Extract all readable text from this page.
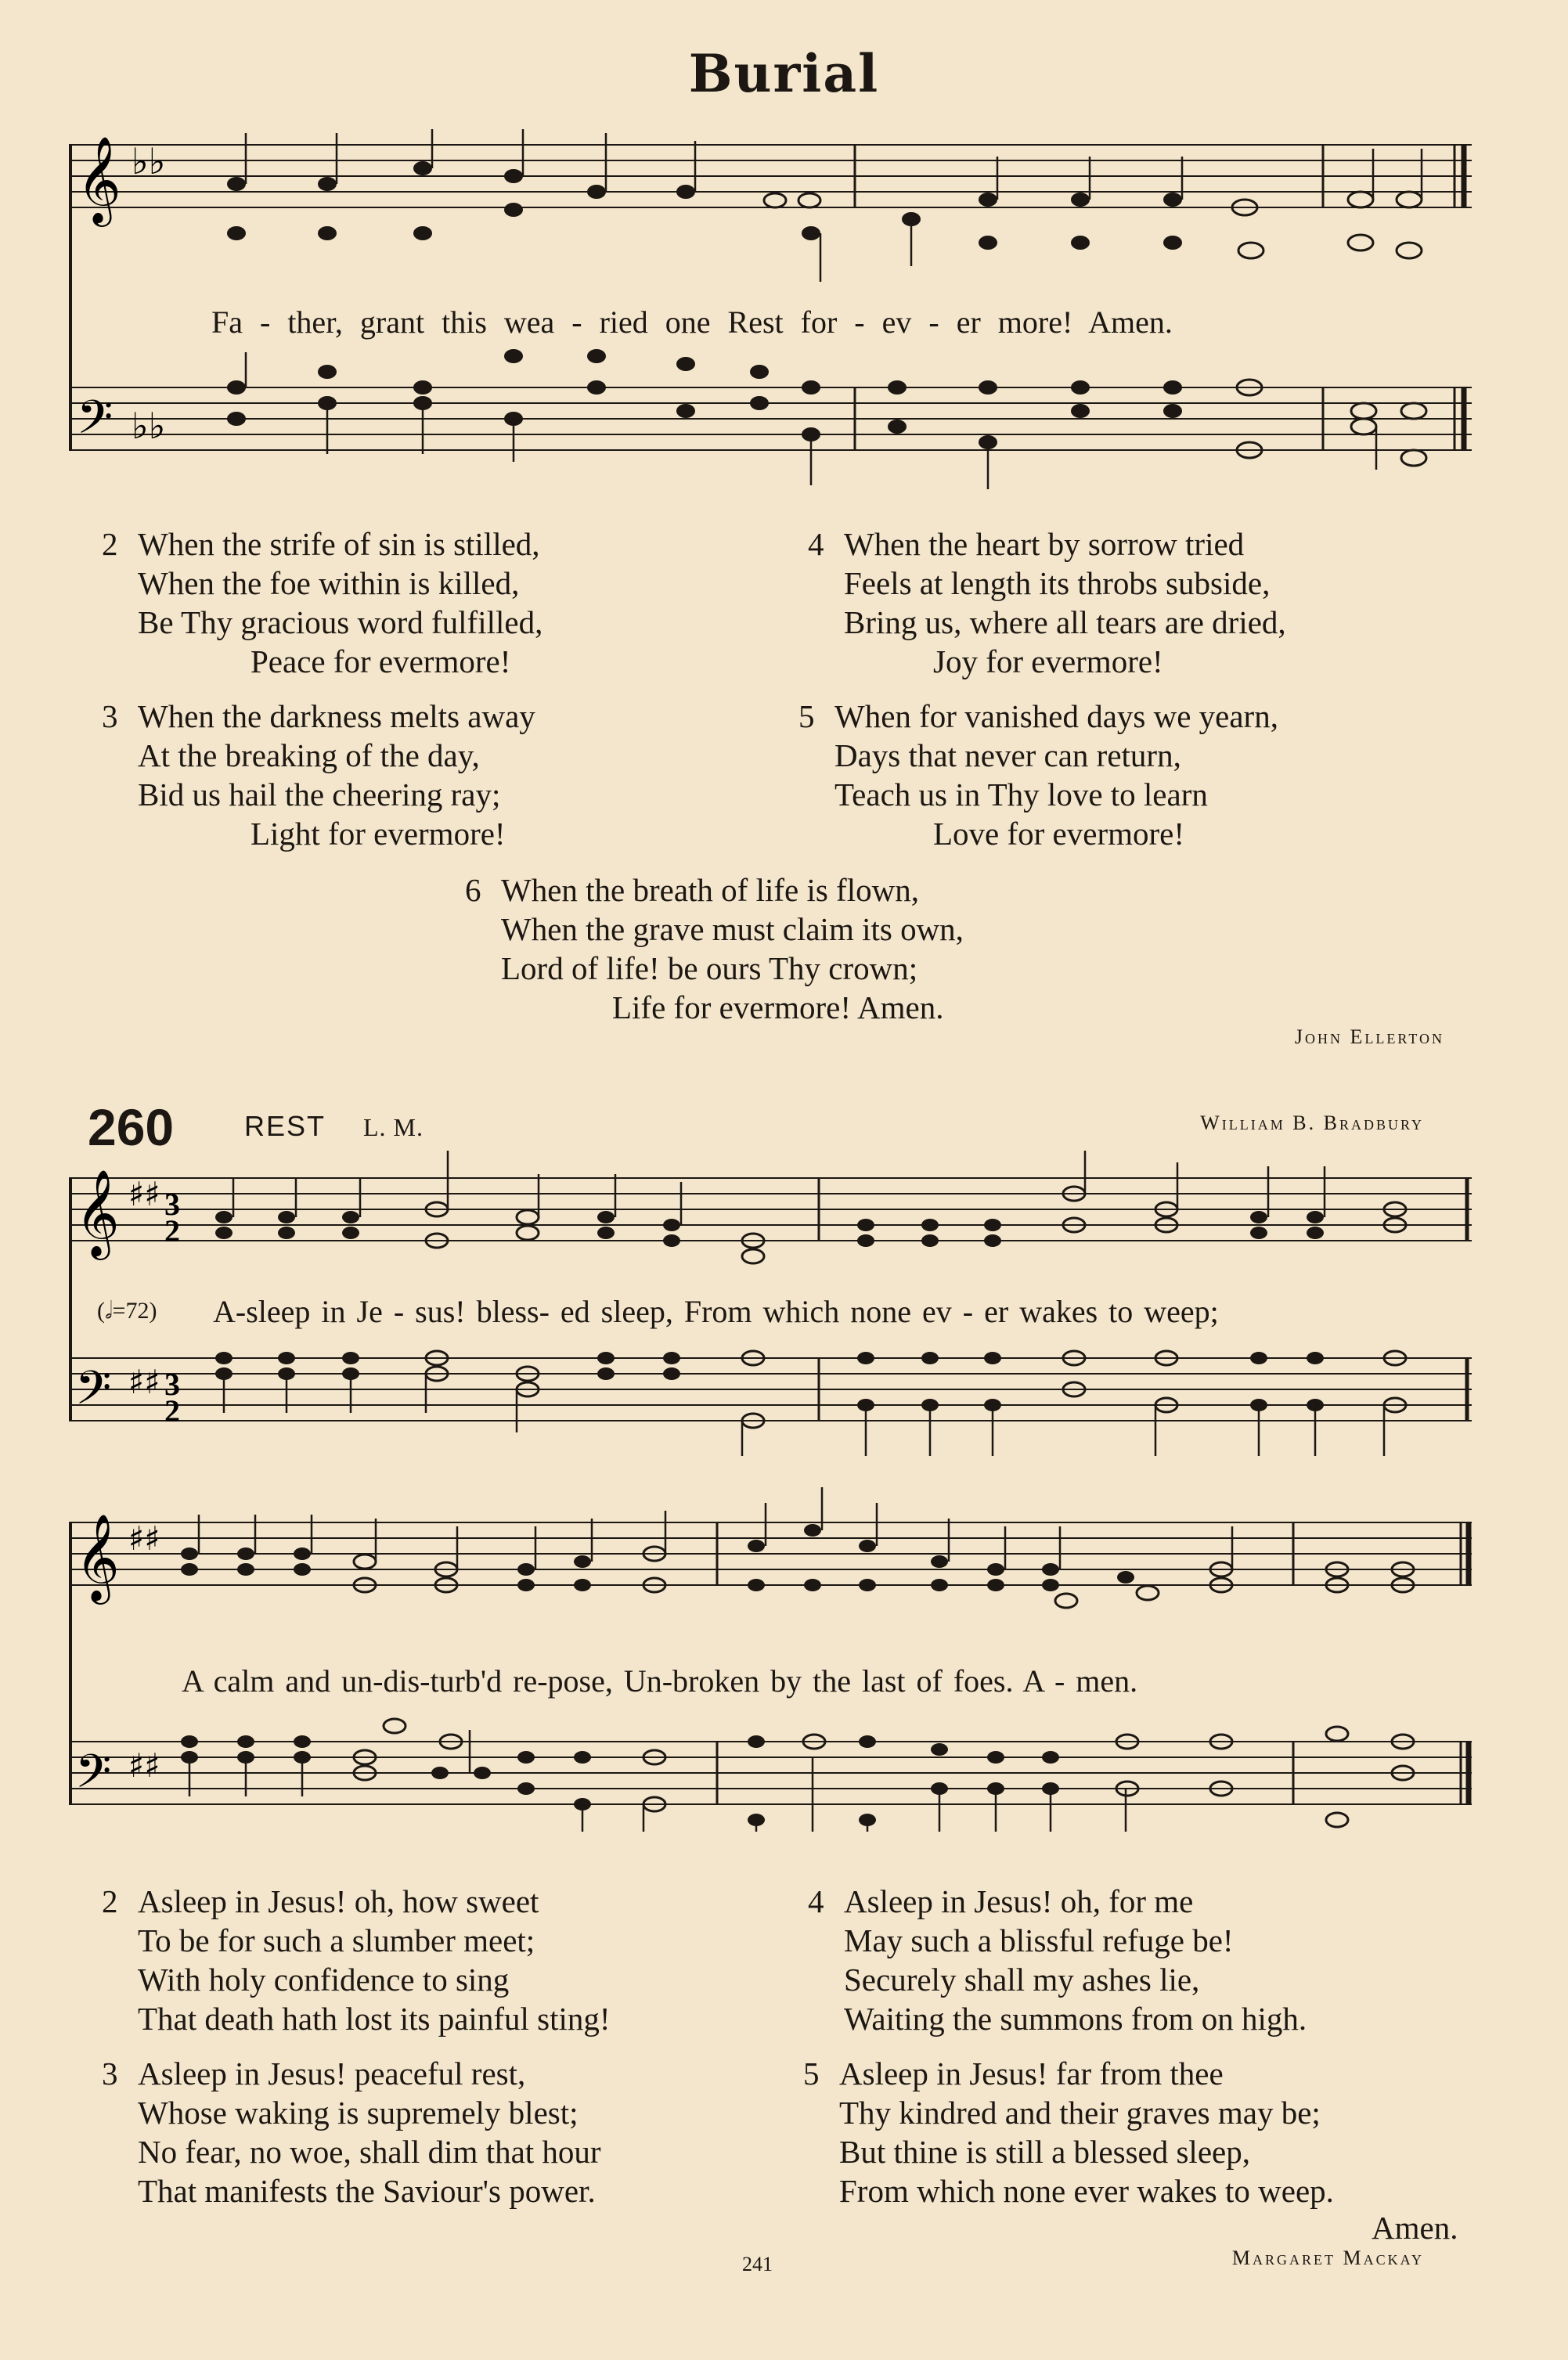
Burial
𝄞
𝄢
♭♭
♭♭
Fa - ther, grant this wea - ried one Rest for - ev - er more! Amen.
2 When the strife of sin is stilled,
When the foe within is killed,
Be Thy gracious word fulfilled,
Peace for evermore!
3 When the darkness melts away
At the breaking of the day,
Bid us hail the cheering ray;
Light for evermore!
4 When the heart by sorrow tried
Feels at length its throbs subside,
Bring us, where all tears are dried,
Joy for evermore!
5 When for vanished days we yearn,
Days that never can return,
Teach us in Thy love to learn
Love for evermore!
6 When the breath of life is flown,
When the grave must claim its own,
Lord of life! be ours Thy crown;
Life for evermore! Amen.
John Ellerton
260 REST L. M.	William B. Bradbury
𝄞
𝄢
♯♯
♯♯
3
2
3
2
(𝅗𝅥=72) A-sleep in Je - sus! bless- ed sleep, From which none ev - er wakes to weep;
𝄞
𝄢
♯♯
♯♯
A calm and un-dis-turb'd re-pose, Un-broken by the last of foes. A - men.
2 Asleep in Jesus! oh, how sweet
To be for such a slumber meet;
With holy confidence to sing
That death hath lost its painful sting!
3 Asleep in Jesus! peaceful rest,
Whose waking is supremely blest;
No fear, no woe, shall dim that hour
That manifests the Saviour's power.
4 Asleep in Jesus! oh, for me
May such a blissful refuge be!
Securely shall my ashes lie,
Waiting the summons from on high.
5 Asleep in Jesus! far from thee
Thy kindred and their graves may be;
But thine is still a blessed sleep,
From which none ever wakes to weep.
Amen.
Margaret Mackay
241
